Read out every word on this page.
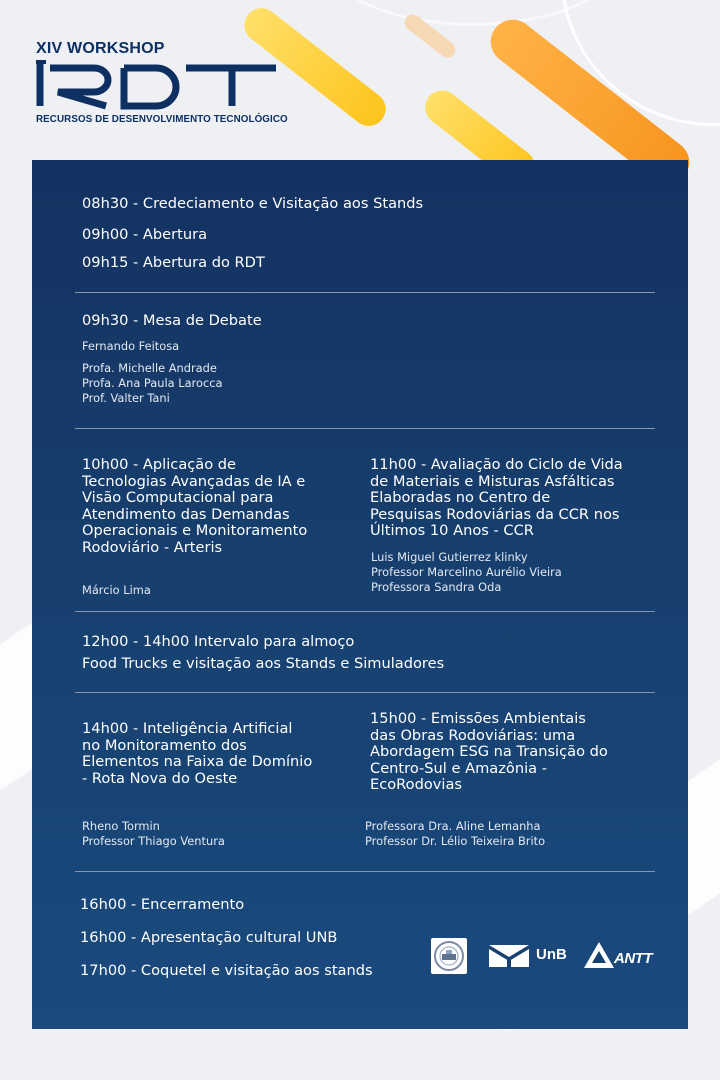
XIV WORKSHOP
RECURSOS DE DESENVOLVIMENTO TECNOLÓGICO
08h30 - Credeciamento e Visitação aos Stands
09h00 - Abertura
09h15 - Abertura do RDT
09h30 - Mesa de Debate
Fernando Feitosa
Profa. Michelle Andrade
Profa. Ana Paula Larocca
Prof. Valter Tani
10h00 - Aplicação de Tecnologias Avançadas de IA e Visão Computacional para Atendimento das Demandas Operacionais e Monitoramento Rodoviário - Arteris
Márcio Lima
11h00 - Avaliação do Ciclo de Vida de Materiais e Misturas Asfálticas Elaboradas no Centro de Pesquisas Rodoviárias da CCR nos Últimos 10 Anos - CCR
Luis Miguel Gutierrez klinky
Professor Marcelino Aurélio Vieira
Professora Sandra Oda
12h00 - 14h00 Intervalo para almoço
Food Trucks e visitação aos Stands e Simuladores
14h00 - Inteligência Artificial no Monitoramento dos Elementos na Faixa de Domínio - Rota Nova do Oeste
Rheno Tormin
Professor Thiago Ventura
15h00 - Emissões Ambientais das Obras Rodoviárias: uma Abordagem ESG na Transição do Centro-Sul e Amazônia - EcoRodovias
Professora Dra. Aline Lemanha
Professor Dr. Lélio Teixeira Brito
16h00 - Encerramento
16h00 - Apresentação cultural UNB
17h00 - Coquetel e visitação aos stands
UnB	ANTT
